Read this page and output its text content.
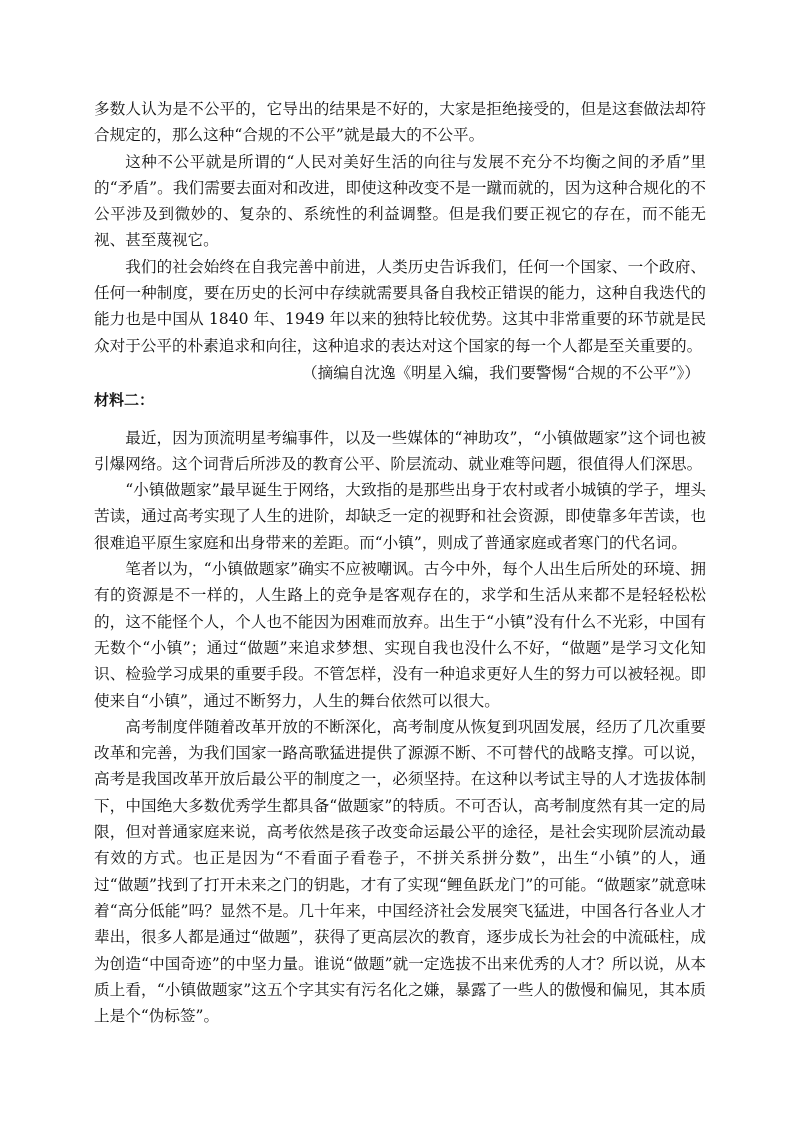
多数人认为是不公平的，它导出的结果是不好的，大家是拒绝接受的，但是这套做法却符合规定的，那么这种“合规的不公平”就是最大的不公平。

这种不公平就是所谓的“人民对美好生活的向往与发展不充分不均衡之间的矛盾”里的“矛盾”。我们需要去面对和改进，即使这种改变不是一蹴而就的，因为这种合规化的不公平涉及到微妙的、复杂的、系统性的利益调整。但是我们要正视它的存在，而不能无视、甚至蔑视它。

我们的社会始终在自我完善中前进，人类历史告诉我们，任何一个国家、一个政府、任何一种制度，要在历史的长河中存续就需要具备自我校正错误的能力，这种自我迭代的能力也是中国从 1840 年、1949 年以来的独特比较优势。这其中非常重要的环节就是民众对于公平的朴素追求和向往，这种追求的表达对这个国家的每一个人都是至关重要的。

（摘编自沈逸《明星入编，我们要警惕“合规的不公平”》）

材料二：

最近，因为顶流明星考编事件，以及一些媒体的“神助攻”，“小镇做题家”这个词也被引爆网络。这个词背后所涉及的教育公平、阶层流动、就业难等问题，很值得人们深思。

“小镇做题家”最早诞生于网络，大致指的是那些出身于农村或者小城镇的学子，埋头苦读，通过高考实现了人生的进阶，却缺乏一定的视野和社会资源，即使靠多年苦读，也很难追平原生家庭和出身带来的差距。而“小镇”，则成了普通家庭或者寒门的代名词。

笔者以为，“小镇做题家”确实不应被嘲讽。古今中外，每个人出生后所处的环境、拥有的资源是不一样的，人生路上的竞争是客观存在的，求学和生活从来都不是轻轻松松的，这不能怪个人，个人也不能因为困难而放弃。出生于“小镇”没有什么不光彩，中国有无数个“小镇”；通过“做题”来追求梦想、实现自我也没什么不好，“做题”是学习文化知识、检验学习成果的重要手段。不管怎样，没有一种追求更好人生的努力可以被轻视。即使来自“小镇”，通过不断努力，人生的舞台依然可以很大。

高考制度伴随着改革开放的不断深化，高考制度从恢复到巩固发展，经历了几次重要改革和完善，为我们国家一路高歌猛进提供了源源不断、不可替代的战略支撑。可以说，高考是我国改革开放后最公平的制度之一，必须坚持。在这种以考试主导的人才选拔体制下，中国绝大多数优秀学生都具备“做题家”的特质。不可否认，高考制度然有其一定的局限，但对普通家庭来说，高考依然是孩子改变命运最公平的途径，是社会实现阶层流动最有效的方式。也正是因为“不看面子看卷子，不拼关系拼分数”，出生“小镇”的人，通过“做题”找到了打开未来之门的钥匙，才有了实现“鲤鱼跃龙门”的可能。“做题家”就意味着“高分低能”吗？显然不是。几十年来，中国经济社会发展突飞猛进，中国各行各业人才辈出，很多人都是通过“做题”，获得了更高层次的教育，逐步成长为社会的中流砥柱，成为创造“中国奇迹”的中坚力量。谁说“做题”就一定选拔不出来优秀的人才？所以说，从本质上看，“小镇做题家”这五个字其实有污名化之嫌，暴露了一些人的傲慢和偏见，其本质上是个“伪标签”。
